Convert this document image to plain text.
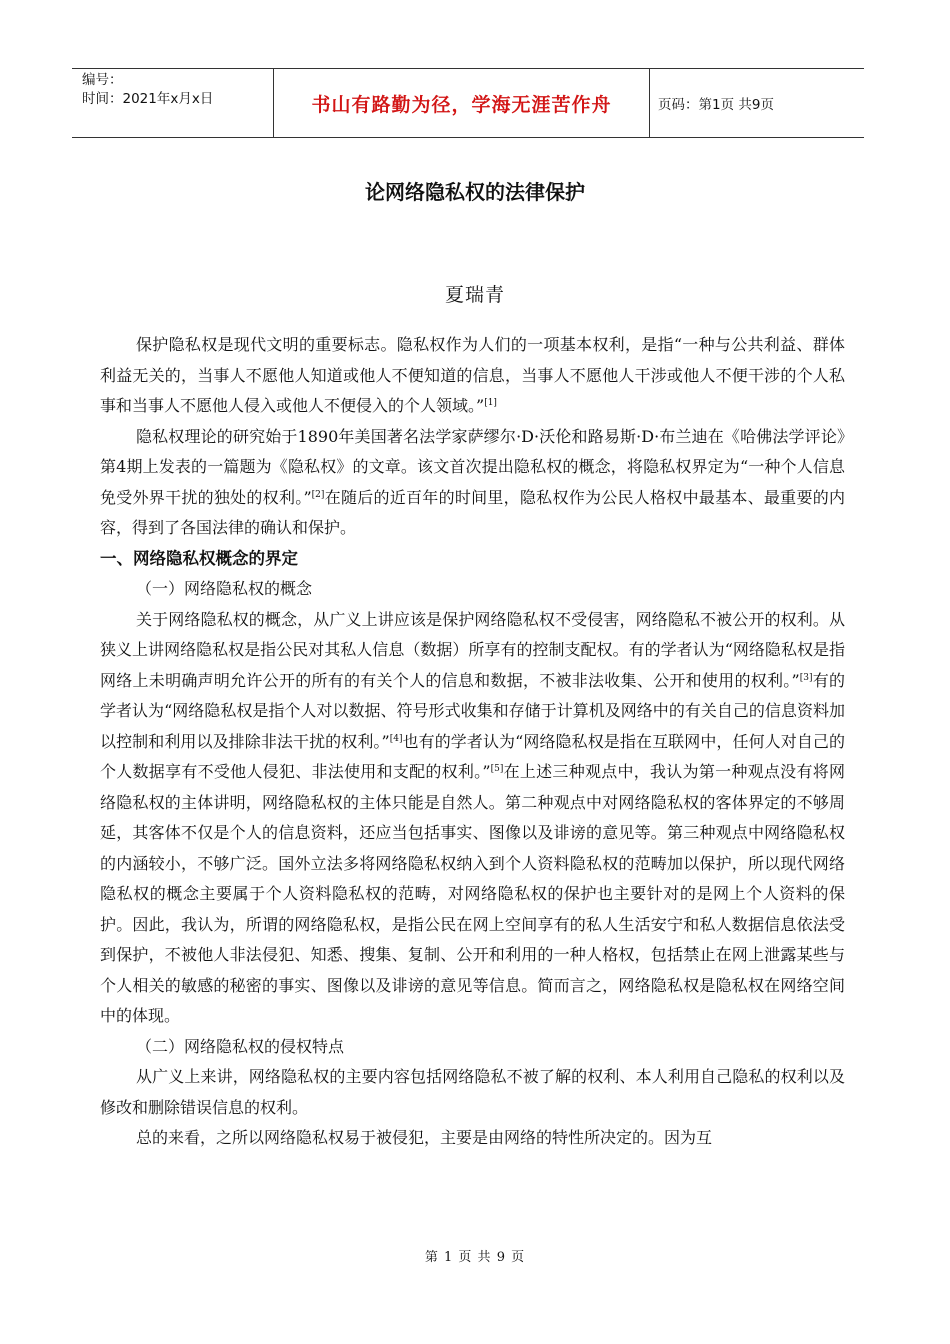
编号：
时间：2021年x月x日	书山有路勤为径，学海无涯苦作舟	页码：第1页 共9页
论网络隐私权的法律保护
夏瑞青

保护隐私权是现代文明的重要标志。隐私权作为人们的一项基本权利，是指“一种与公共利益、群体利益无关的，当事人不愿他人知道或他人不便知道的信息，当事人不愿他人干涉或他人不便干涉的个人私事和当事人不愿他人侵入或他人不便侵入的个人领域。”[1]

隐私权理论的研究始于1890年美国著名法学家萨缪尔·D·沃伦和路易斯·D·布兰迪在《哈佛法学评论》第4期上发表的一篇题为《隐私权》的文章。该文首次提出隐私权的概念，将隐私权界定为“一种个人信息免受外界干扰的独处的权利。”[2]在随后的近百年的时间里，隐私权作为公民人格权中最基本、最重要的内容，得到了各国法律的确认和保护。

一、网络隐私权概念的界定

（一）网络隐私权的概念

关于网络隐私权的概念，从广义上讲应该是保护网络隐私权不受侵害，网络隐私不被公开的权利。从狭义上讲网络隐私权是指公民对其私人信息（数据）所享有的控制支配权。有的学者认为“网络隐私权是指网络上未明确声明允许公开的所有的有关个人的信息和数据，不被非法收集、公开和使用的权利。”[3]有的学者认为“网络隐私权是指个人对以数据、符号形式收集和存储于计算机及网络中的有关自己的信息资料加以控制和利用以及排除非法干扰的权利。”[4]也有的学者认为“网络隐私权是指在互联网中，任何人对自己的个人数据享有不受他人侵犯、非法使用和支配的权利。”[5]在上述三种观点中，我认为第一种观点没有将网络隐私权的主体讲明，网络隐私权的主体只能是自然人。第二种观点中对网络隐私权的客体界定的不够周延，其客体不仅是个人的信息资料，还应当包括事实、图像以及诽谤的意见等。第三种观点中网络隐私权的内涵较小，不够广泛。国外立法多将网络隐私权纳入到个人资料隐私权的范畴加以保护，所以现代网络隐私权的概念主要属于个人资料隐私权的范畴，对网络隐私权的保护也主要针对的是网上个人资料的保护。因此，我认为，所谓的网络隐私权，是指公民在网上空间享有的私人生活安宁和私人数据信息依法受到保护，不被他人非法侵犯、知悉、搜集、复制、公开和利用的一种人格权，包括禁止在网上泄露某些与个人相关的敏感的秘密的事实、图像以及诽谤的意见等信息。简而言之，网络隐私权是隐私权在网络空间中的体现。

（二）网络隐私权的侵权特点

从广义上来讲，网络隐私权的主要内容包括网络隐私不被了解的权利、本人利用自己隐私的权利以及修改和删除错误信息的权利。

总的来看，之所以网络隐私权易于被侵犯，主要是由网络的特性所决定的。因为互

第 1 页 共 9 页
